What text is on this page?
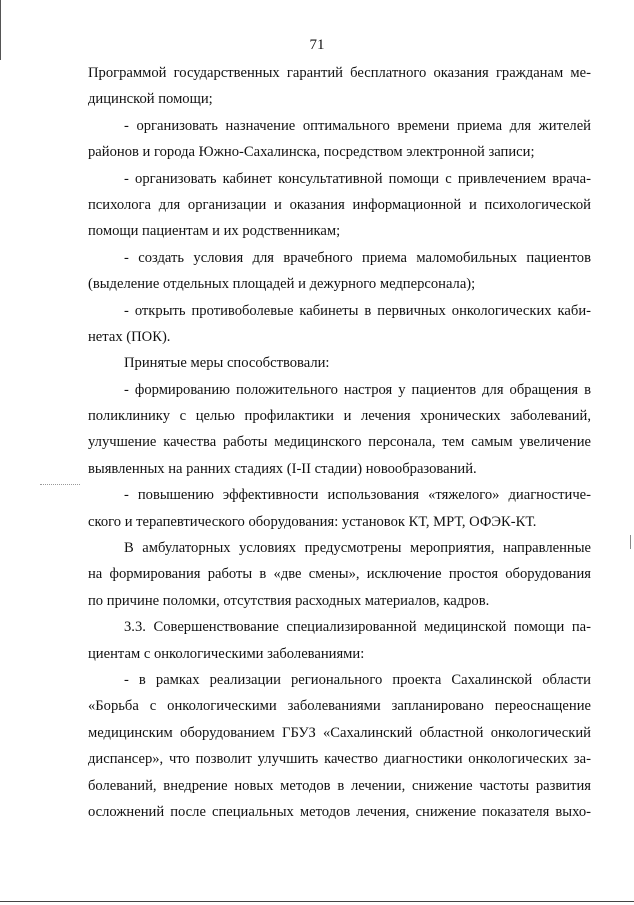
71
Программой государственных гарантий бесплатного оказания гражданам ме-
дицинской помощи;
- организовать назначение оптимального времени приема для жителей
районов и города Южно-Сахалинска, посредством электронной записи;
- организовать кабинет консультативной помощи с привлечением врача-
психолога для организации и оказания информационной и психологической
помощи пациентам и их родственникам;
- создать условия для врачебного приема маломобильных пациентов
(выделение отдельных площадей и дежурного медперсонала);
- открыть противоболевые кабинеты в первичных онкологических каби-
нетах (ПОК).
Принятые меры способствовали:
- формированию положительного настроя у пациентов для обращения в
поликлинику с целью профилактики и лечения хронических заболеваний,
улучшение качества работы медицинского персонала, тем самым увеличение
выявленных на ранних стадиях (I-II стадии) новообразований.
- повышению эффективности использования «тяжелого» диагностиче-
ского и терапевтического оборудования: установок КТ, МРТ, ОФЭК-КТ.
В амбулаторных условиях предусмотрены мероприятия, направленные
на формирования работы в «две смены», исключение простоя оборудования
по причине поломки, отсутствия расходных материалов, кадров.
3.3. Совершенствование специализированной медицинской помощи па-
циентам с онкологическими заболеваниями:
- в рамках реализации регионального проекта Сахалинской области
«Борьба с онкологическими заболеваниями запланировано переоснащение
медицинским оборудованием ГБУЗ «Сахалинский областной онкологический
диспансер», что позволит улучшить качество диагностики онкологических за-
болеваний, внедрение новых методов в лечении, снижение частоты развития
осложнений после специальных методов лечения, снижение показателя выхо-
